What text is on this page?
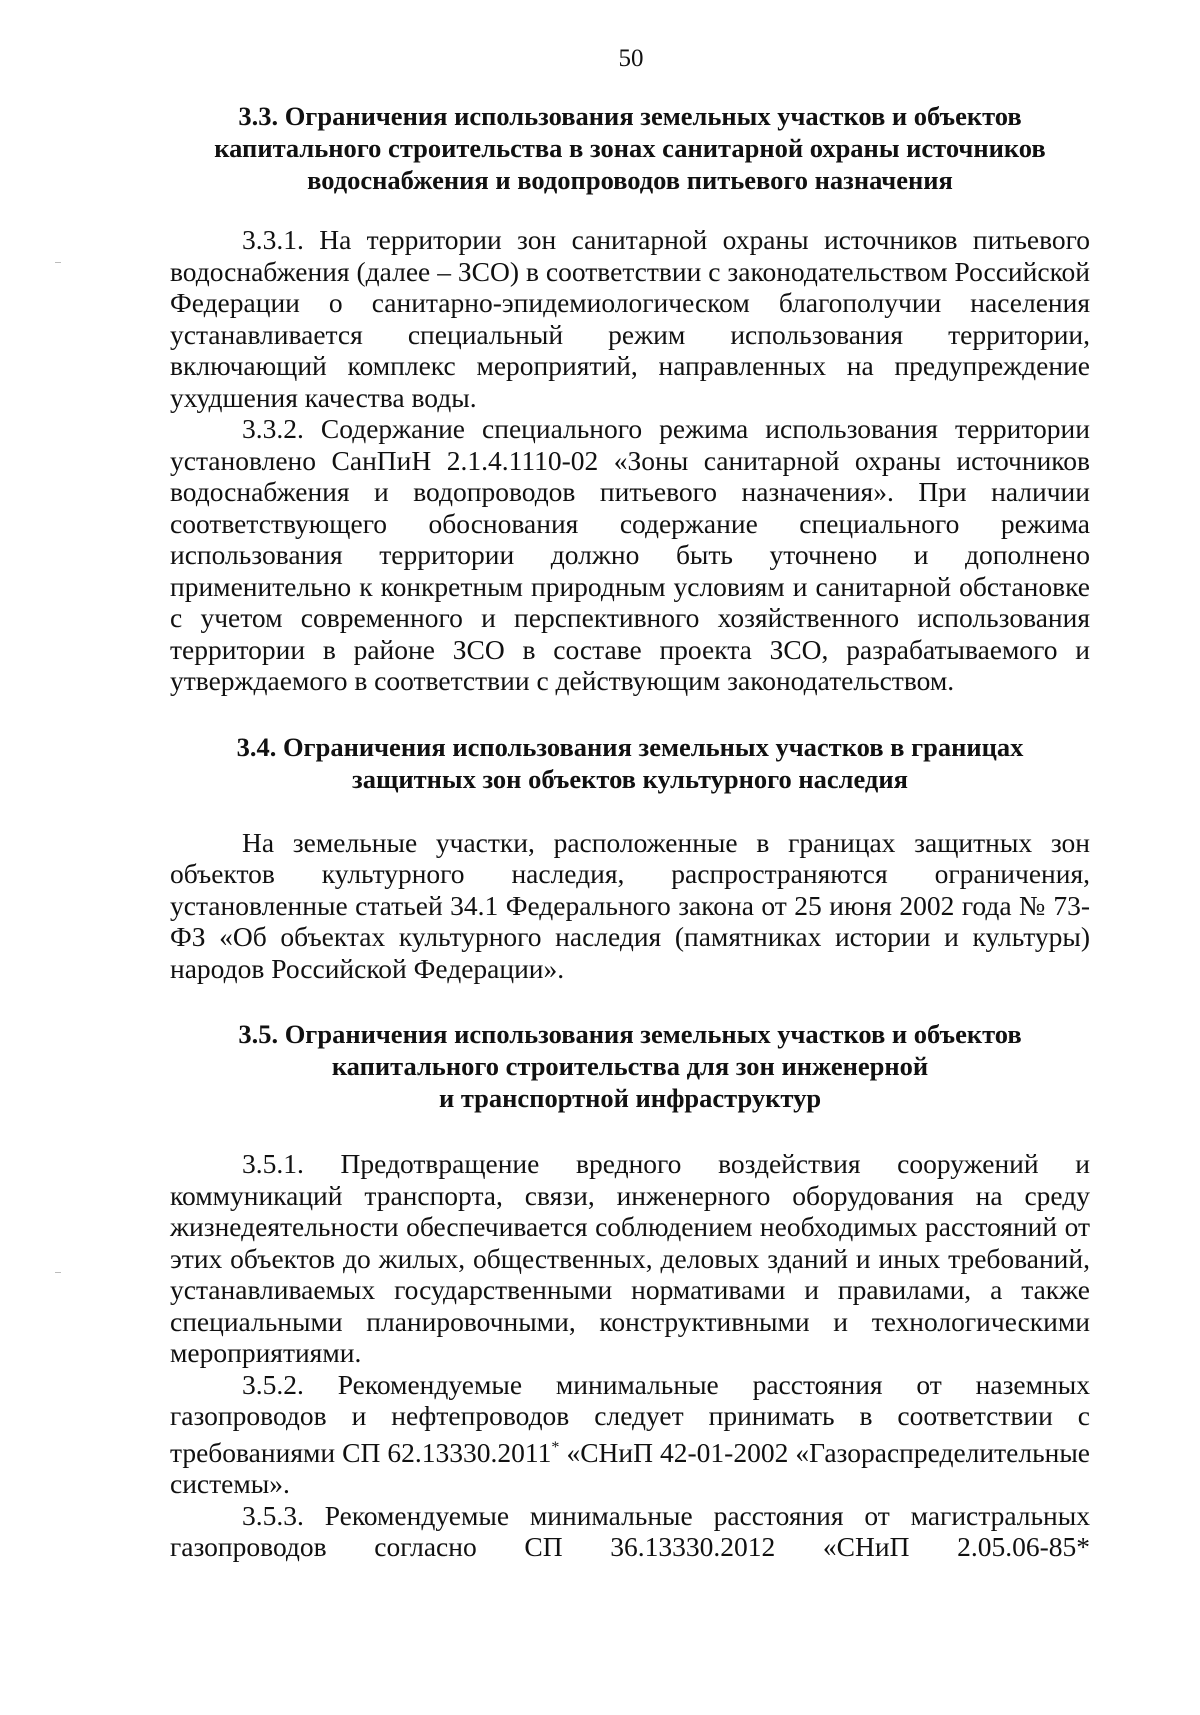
50
3.3. Ограничения использования земельных участков и объектов
капитального строительства в зонах санитарной охраны источников
водоснабжения и водопроводов питьевого назначения

3.3.1. На территории зон санитарной охраны источников питьевого водоснабжения (далее – ЗСО) в соответствии с законодательством Российской Федерации о санитарно-эпидемиологическом благополучии населения устанавливается специальный режим использования территории, включающий комплекс мероприятий, направленных на предупреждение ухудшения качества воды.

3.3.2. Содержание специального режима использования территории установлено СанПиН 2.1.4.1110-02 «Зоны санитарной охраны источников водоснабжения и водопроводов питьевого назначения». При наличии соответствующего обоснования содержание специального режима использования территории должно быть уточнено и дополнено применительно к конкретным природным условиям и санитарной обстановке с учетом современного и перспективного хозяйственного использования территории в районе ЗСО в составе проекта ЗСО, разрабатываемого и утверждаемого в соответствии с действующим законодательством.

3.4. Ограничения использования земельных участков в границах
защитных зон объектов культурного наследия

На земельные участки, расположенные в границах защитных зон объектов культурного наследия, распространяются ограничения, установленные статьей 34.1 Федерального закона от 25 июня 2002 года № 73-ФЗ «Об объектах культурного наследия (памятниках истории и культуры) народов Российской Федерации».

3.5. Ограничения использования земельных участков и объектов
капитального строительства для зон инженерной
и транспортной инфраструктур

3.5.1. Предотвращение вредного воздействия сооружений и коммуникаций транспорта, связи, инженерного оборудования на среду жизнедеятельности обеспечивается соблюдением необходимых расстояний от этих объектов до жилых, общественных, деловых зданий и иных требований, устанавливаемых государственными нормативами и правилами, а также специальными планировочными, конструктивными и технологическими мероприятиями.

3.5.2. Рекомендуемые минимальные расстояния от наземных газопроводов и нефтепроводов следует принимать в соответствии с требованиями СП 62.13330.2011* «СНиП 42-01-2002 «Газораспределительные системы».

3.5.3. Рекомендуемые минимальные расстояния от магистральных газопроводов согласно СП 36.13330.2012 «СНиП 2.05.06-85*
